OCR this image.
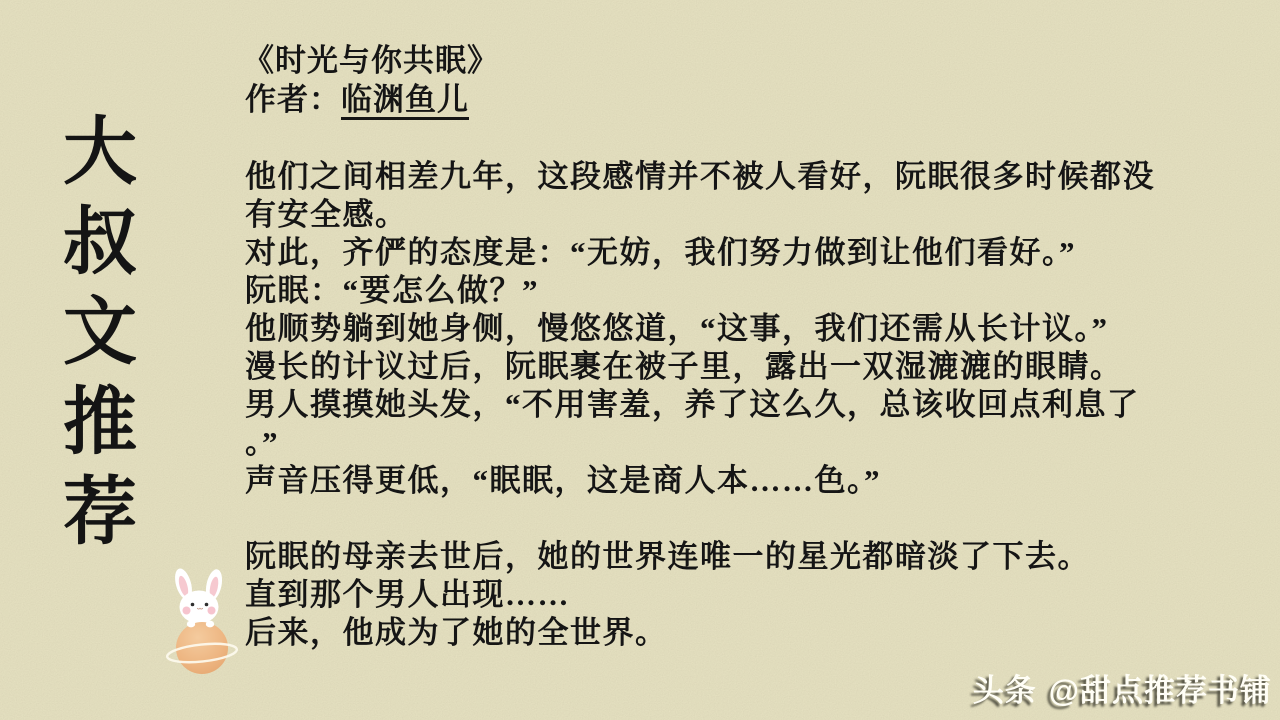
大叔文推荐
《时光与你共眠》
作者：临渊鱼儿
他们之间相差九年，这段感情并不被人看好，阮眠很多时候都没
有安全感。
对此，齐俨的态度是：“无妨，我们努力做到让他们看好。”
阮眠：“要怎么做？”
他顺势躺到她身侧，慢悠悠道，“这事，我们还需从长计议。”
漫长的计议过后，阮眠裹在被子里，露出一双湿漉漉的眼睛。
男人摸摸她头发，“不用害羞，养了这么久，总该收回点利息了
。”
声音压得更低，“眠眠，这是商人本……色。”
阮眠的母亲去世后，她的世界连唯一的星光都暗淡了下去。
直到那个男人出现……
后来，他成为了她的全世界。
头条 @甜点推荐书铺
